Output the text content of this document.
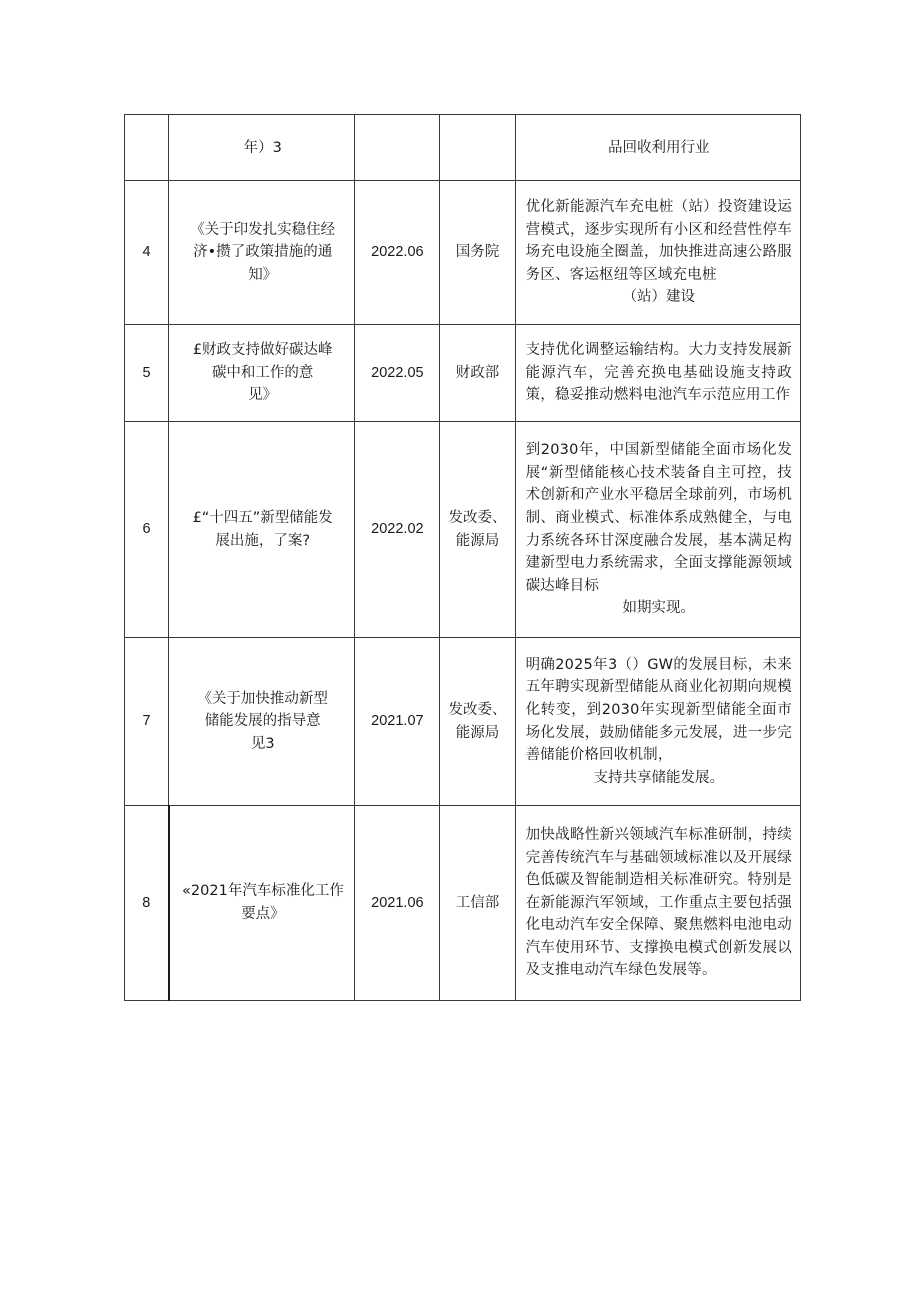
	年）3			品回收利用行业
4	《关于印发扎实稳住经
济•攒了政策措施的通
知》	2022.06	国务院	优化新能源汽车充电桩（站）投资建设运营模式，逐步实现所有小区和经营性停车场充电设施全圈盖，加快推进高速公路服务区、客运枢纽等区域充电桩
（站）建设

5	£财政支持做好碳达峰
碳中和工作的意
见》	2022.05	财政部	支持优化调整运输结构。大力支持发展新能源汽车，完善充换电基础设施支持政策，稳妥推动燃料电池汽车示范应用工作

6	£“十四五”新型储能发
展出施，了案?	2022.02	发改委、
能源局	到2030年，中国新型储能全面市场化发展“新型储能核心技术装备自主可控，技术创新和产业水平稳居全球前列，市场机制、商业模式、标准体系成熟健全，与电力系统各环甘深度融合发展，基本满足构建新型电力系统需求，全面支撑能源领域碳达峰目标
如期实现。

7	《关于加快推动新型
储能发展的指导意
见3	2021.07	发改委、
能源局	明确2025年3（）GW的发展目标，未来五年聘实现新型储能从商业化初期向规模化转变，到2030年实现新型储能全面市场化发展，鼓励储能多元发展，进一步完善储能价格回收机制，
支持共享储能发展。

8	«2021年汽车标准化工作
要点》	2021.06	工信部	加快战略性新兴领域汽车标准研制，持续完善传统汽车与基础领域标准以及开展绿色低碳及智能制造相关标准研究。特别是在新能源汽军领域，工作重点主要包括强化电动汽车安全保障、聚焦燃料电池电动汽车使用环节、支撑换电模式创新发展以及支推电动汽车绿色发展等。
